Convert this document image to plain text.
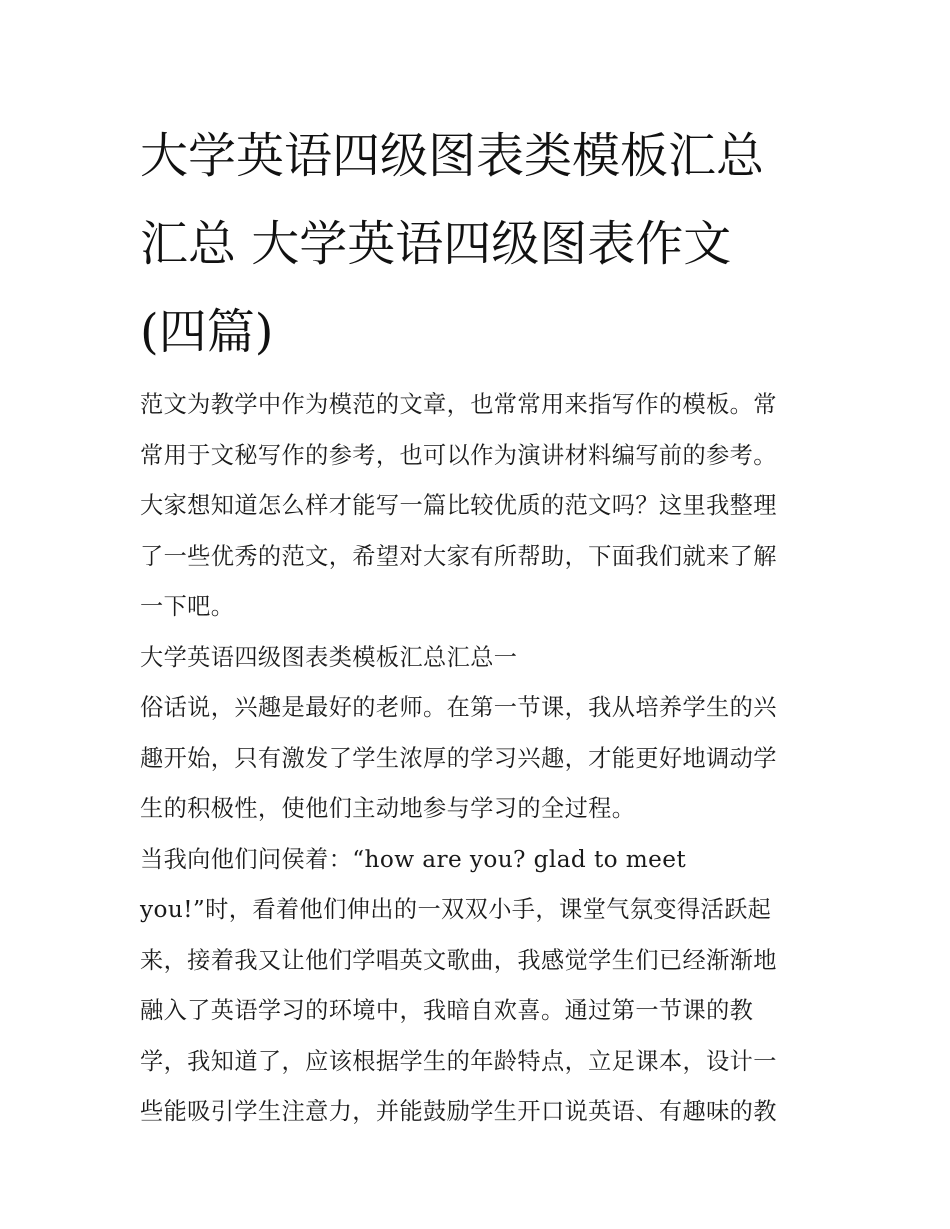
大学英语四级图表类模板汇总
汇总 大学英语四级图表作文
(四篇)
范文为教学中作为模范的文章，也常常用来指写作的模板。常
常用于文秘写作的参考，也可以作为演讲材料编写前的参考。
大家想知道怎么样才能写一篇比较优质的范文吗？这里我整理
了一些优秀的范文，希望对大家有所帮助，下面我们就来了解
一下吧。
大学英语四级图表类模板汇总汇总一
俗话说，兴趣是最好的老师。在第一节课，我从培养学生的兴
趣开始，只有激发了学生浓厚的学习兴趣，才能更好地调动学
生的积极性，使他们主动地参与学习的全过程。
当我向他们问侯着：“how are you? glad to meet
you!”时，看着他们伸出的一双双小手，课堂气氛变得活跃起
来，接着我又让他们学唱英文歌曲，我感觉学生们已经渐渐地
融入了英语学习的环境中，我暗自欢喜。通过第一节课的教
学，我知道了，应该根据学生的年龄特点，立足课本，设计一
些能吸引学生注意力，并能鼓励学生开口说英语、有趣味的教
